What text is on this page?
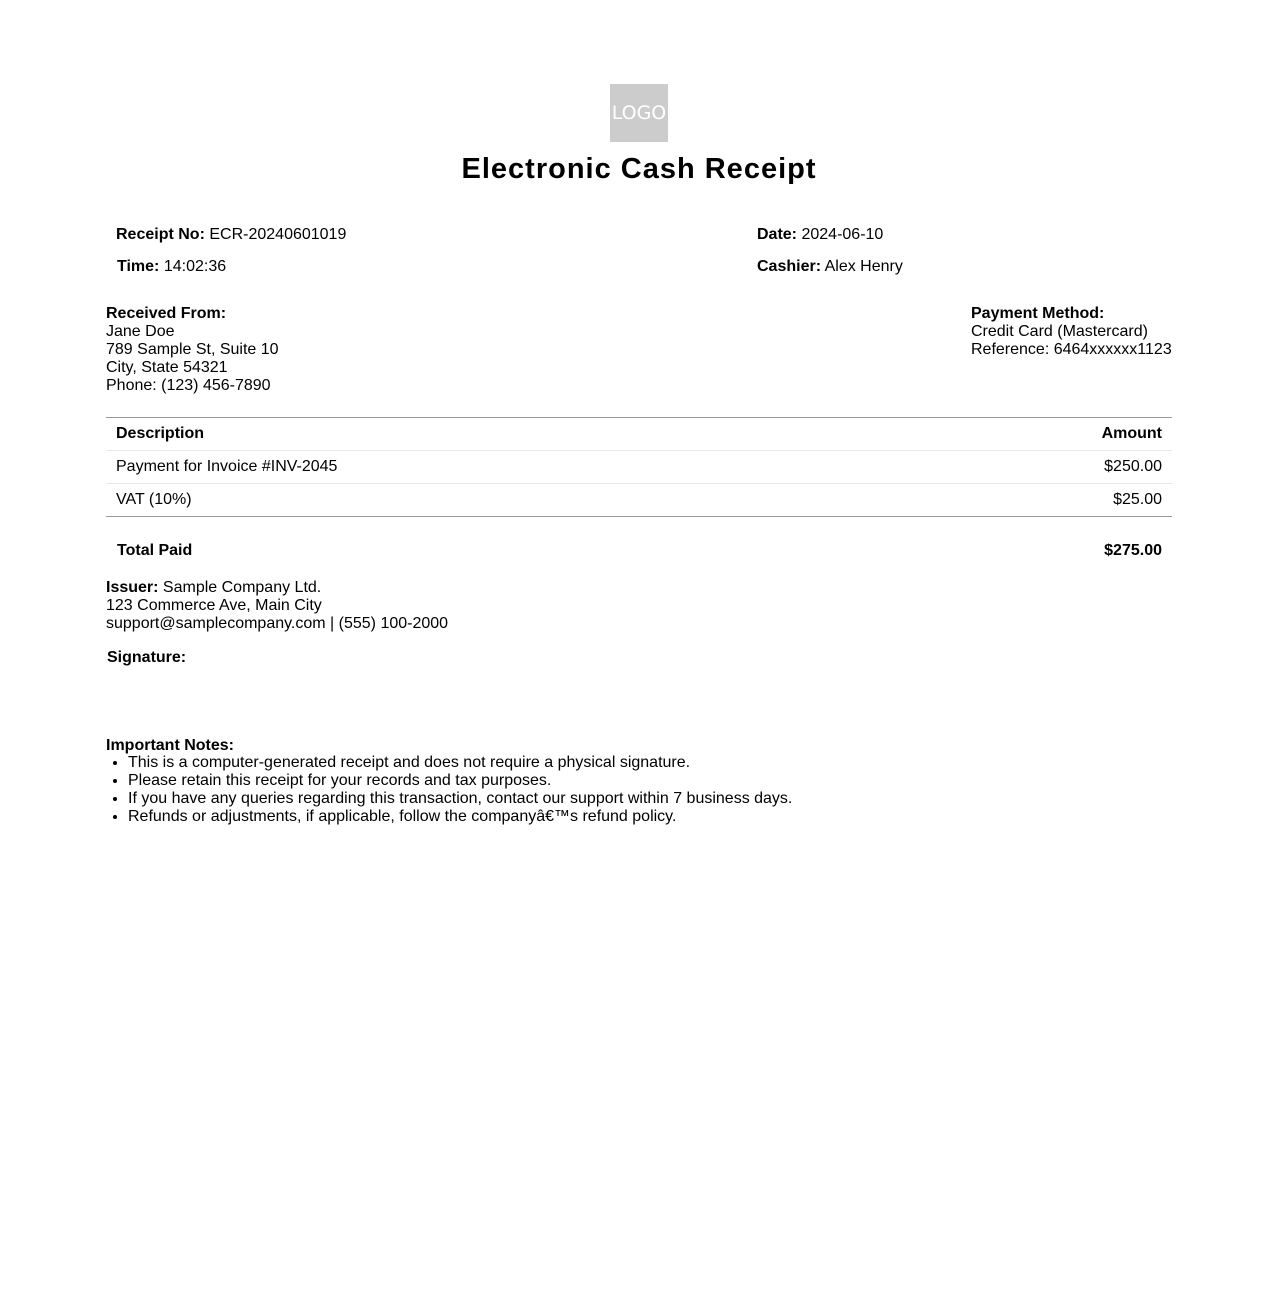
LOGO
Electronic Cash Receipt
Receipt No: ECR-20240601019	Date: 2024-06-10
Time: 14:02:36	Cashier: Alex Henry
Received From:
Jane Doe
789 Sample St, Suite 10
City, State 54321
Phone: (123) 456-7890
Payment Method:
Credit Card (Mastercard)
Reference: 6464xxxxxx1123
Description	Amount
Payment for Invoice #INV-2045	$250.00
VAT (10%)	$25.00
Total Paid	$275.00
Issuer: Sample Company Ltd.
123 Commerce Ave, Main City
support@samplecompany.com | (555) 100-2000
Signature:
Important Notes:
• This is a computer-generated receipt and does not require a physical signature.
• Please retain this receipt for your records and tax purposes.
• If you have any queries regarding this transaction, contact our support within 7 business days.
• Refunds or adjustments, if applicable, follow the companyâ€™s refund policy.
